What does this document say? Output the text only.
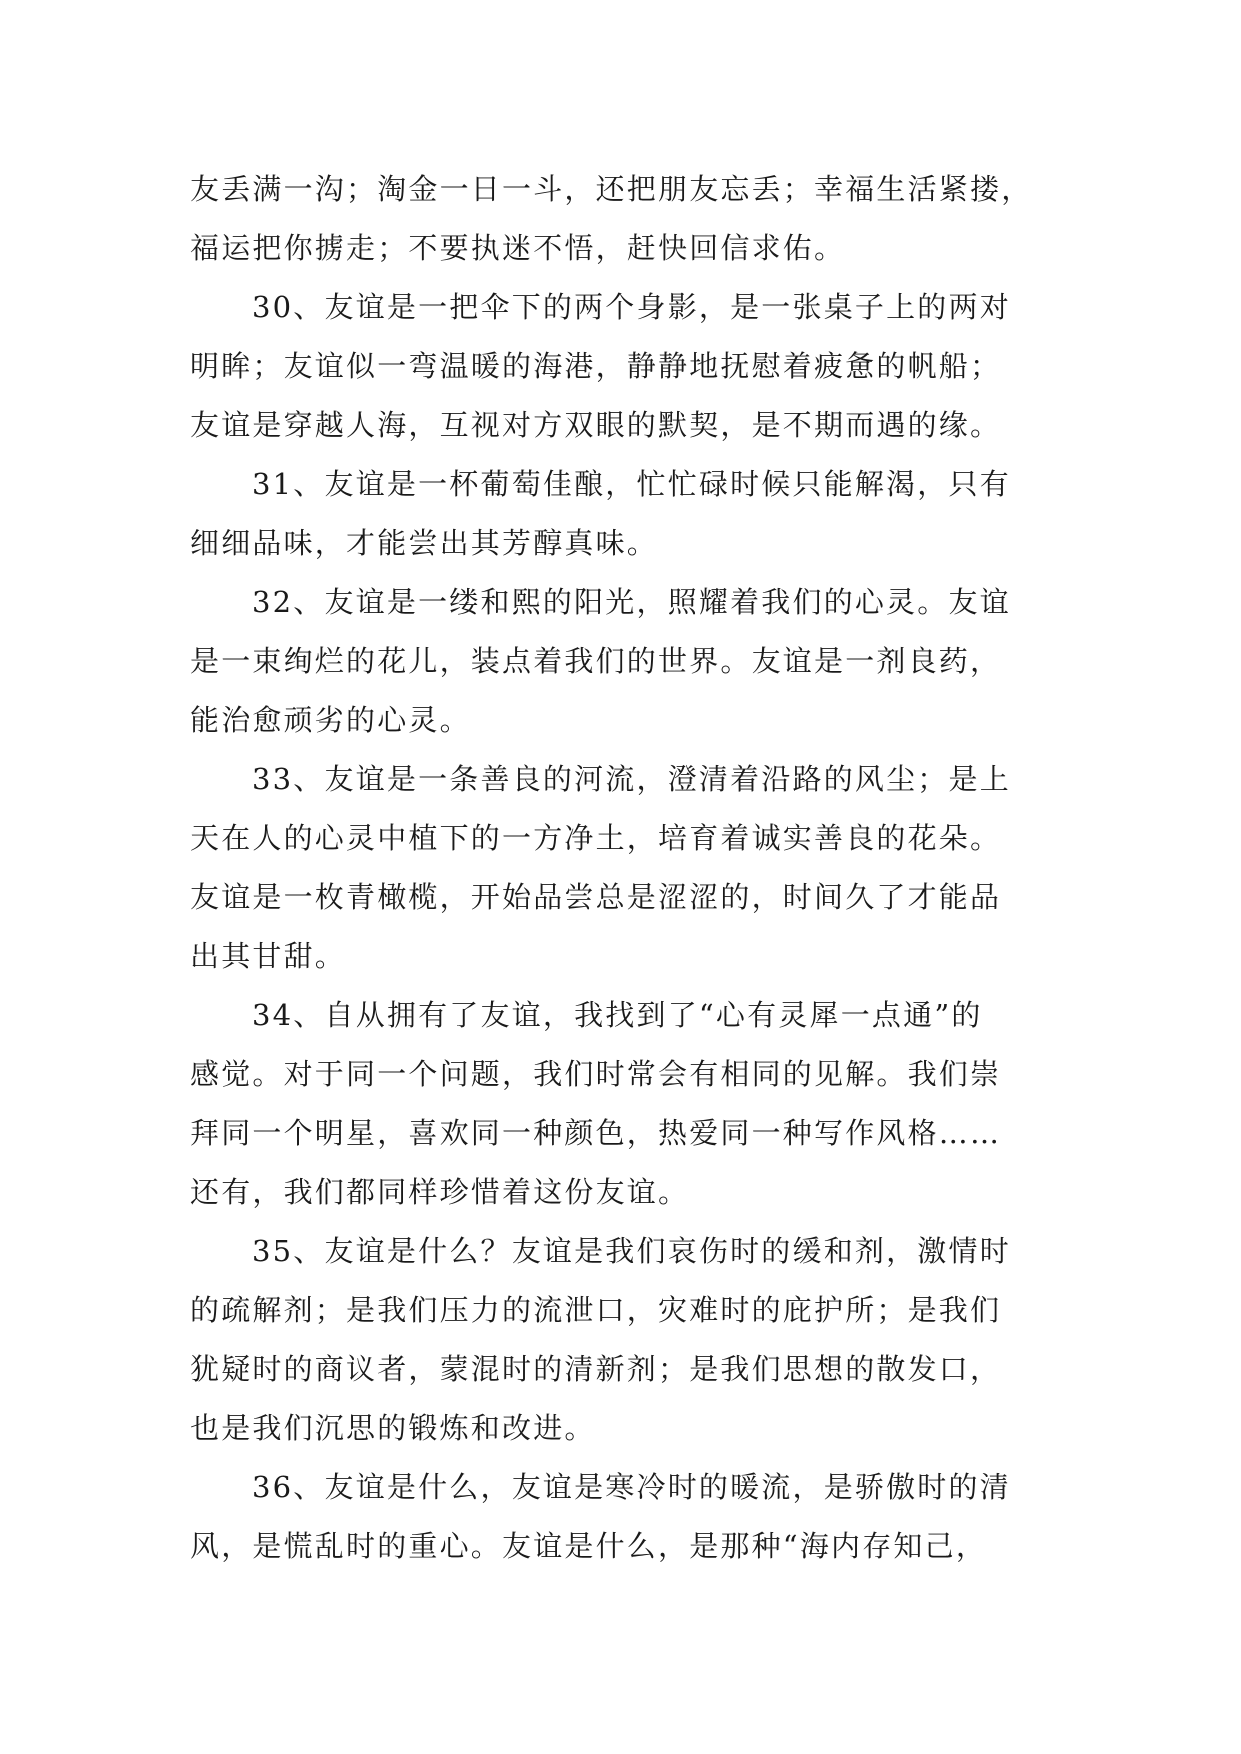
友丢满一沟；淘金一日一斗，还把朋友忘丢；幸福生活紧搂，
福运把你掳走；不要执迷不悟，赶快回信求佑。
30、友谊是一把伞下的两个身影，是一张桌子上的两对
明眸；友谊似一弯温暖的海港，静静地抚慰着疲惫的帆船；
友谊是穿越人海，互视对方双眼的默契，是不期而遇的缘。
31、友谊是一杯葡萄佳酿，忙忙碌时候只能解渴，只有
细细品味，才能尝出其芳醇真味。
32、友谊是一缕和熙的阳光，照耀着我们的心灵。友谊
是一束绚烂的花儿，装点着我们的世界。友谊是一剂良药，
能治愈顽劣的心灵。
33、友谊是一条善良的河流，澄清着沿路的风尘；是上
天在人的心灵中植下的一方净土，培育着诚实善良的花朵。
友谊是一枚青橄榄，开始品尝总是涩涩的，时间久了才能品
出其甘甜。
34、自从拥有了友谊，我找到了“心有灵犀一点通”的
感觉。对于同一个问题，我们时常会有相同的见解。我们崇
拜同一个明星，喜欢同一种颜色，热爱同一种写作风格……
还有，我们都同样珍惜着这份友谊。
35、友谊是什么？友谊是我们哀伤时的缓和剂，激情时
的疏解剂；是我们压力的流泄口，灾难时的庇护所；是我们
犹疑时的商议者，蒙混时的清新剂；是我们思想的散发口，
也是我们沉思的锻炼和改进。
36、友谊是什么，友谊是寒冷时的暖流，是骄傲时的清
风，是慌乱时的重心。友谊是什么，是那种“海内存知己，
